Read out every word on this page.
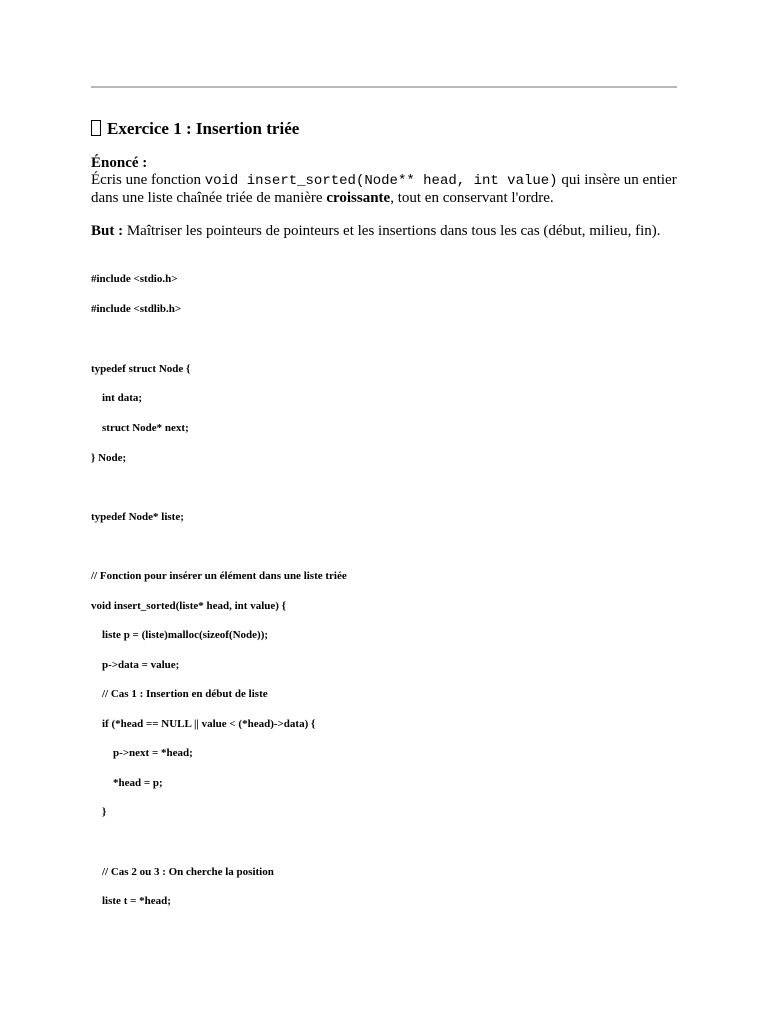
Exercice 1 : Insertion triée

Énoncé :

Écris une fonction void insert_sorted(Node** head, int value) qui insère un entier
dans une liste chaînée triée de manière croissante, tout en conservant l'ordre.

But : Maîtriser les pointeurs de pointeurs et les insertions dans tous les cas (début, milieu, fin).

#include <stdio.h>
#include <stdlib.h>
typedef struct Node {
int data;
struct Node* next;
} Node;
typedef Node* liste;
// Fonction pour insérer un élément dans une liste triée
void insert_sorted(liste* head, int value) {
liste p = (liste)malloc(sizeof(Node));
p->data = value;
// Cas 1 : Insertion en début de liste
if (*head == NULL || value < (*head)->data) {
p->next = *head;
*head = p;
}
// Cas 2 ou 3 : On cherche la position
liste t = *head;
